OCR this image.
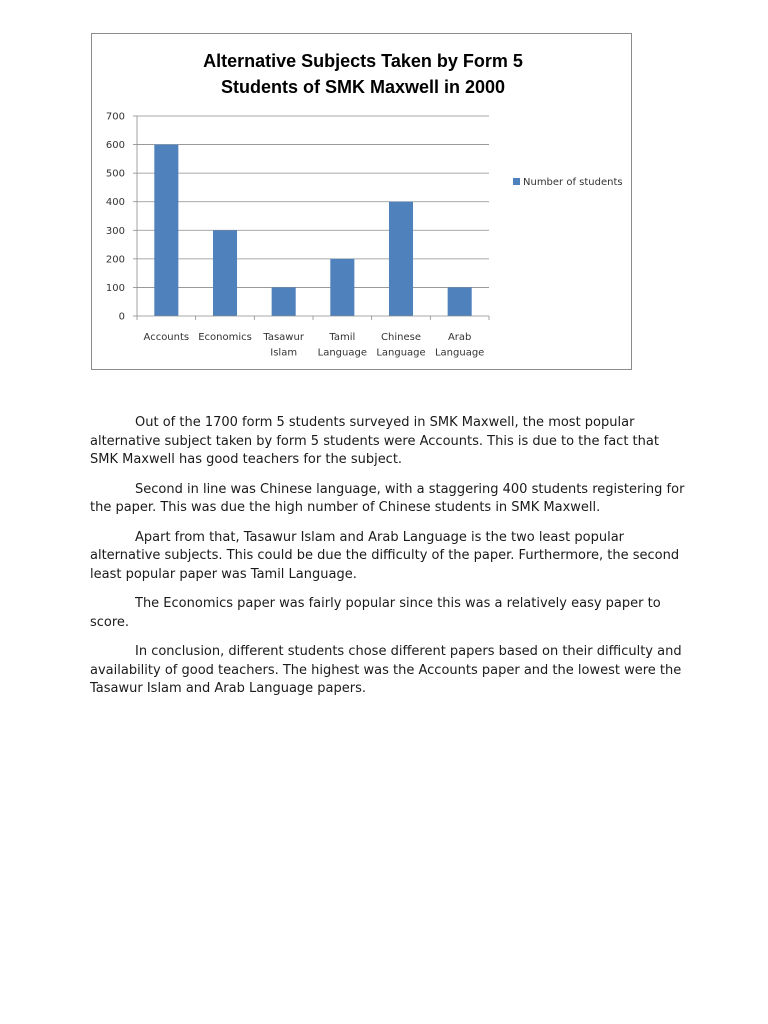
Alternative Subjects Taken by Form 5
Students of SMK Maxwell in 2000
0
100
200
300
400
500
600
700
Accounts Economics Tasawur
Islam
Tamil
Language
Chinese
Language
Arab
Language
Number of students

Out of the 1700 form 5 students surveyed in SMK Maxwell, the most popular alternative subject taken by form 5 students were Accounts. This is due to the fact that SMK Maxwell has good teachers for the subject.

Second in line was Chinese language, with a staggering 400 students registering for the paper. This was due the high number of Chinese students in SMK Maxwell.

Apart from that, Tasawur Islam and Arab Language is the two least popular alternative subjects. This could be due the difficulty of the paper. Furthermore, the second least popular paper was Tamil Language.

The Economics paper was fairly popular since this was a relatively easy paper to score.

In conclusion, different students chose different papers based on their difficulty and availability of good teachers. The highest was the Accounts paper and the lowest were the Tasawur Islam and Arab Language papers.
